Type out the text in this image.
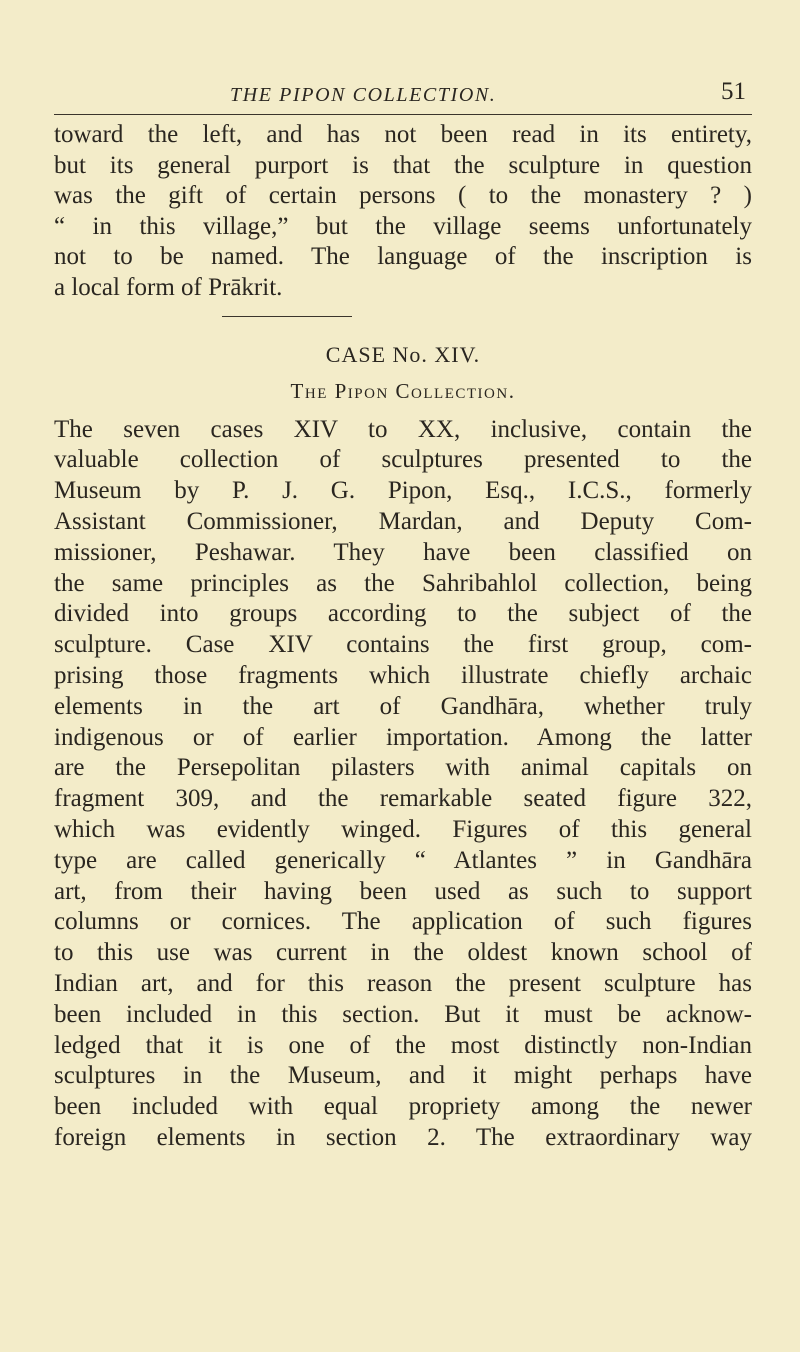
THE PIPON COLLECTION.	51
toward the left, and has not been read in its entirety,
but its general purport is that the sculpture in question
was the gift of certain persons ( to the monastery ? )
“ in this village,” but the village seems unfortunately
not to be named. The language of the inscription is
a local form of Prākrit.
CASE No. XIV.
The Pipon Collection.
The seven cases XIV to XX, inclusive, contain the
valuable collection of sculptures presented to the
Museum by P. J. G. Pipon, Esq., I.C.S., formerly
Assistant Commissioner, Mardan, and Deputy Com-
missioner, Peshawar. They have been classified on
the same principles as the Sahribahlol collection, being
divided into groups according to the subject of the
sculpture. Case XIV contains the first group, com-
prising those fragments which illustrate chiefly archaic
elements in the art of Gandhāra, whether truly
indigenous or of earlier importation. Among the latter
are the Persepolitan pilasters with animal capitals on
fragment 309, and the remarkable seated figure 322,
which was evidently winged. Figures of this general
type are called generically “ Atlantes ” in Gandhāra
art, from their having been used as such to support
columns or cornices. The application of such figures
to this use was current in the oldest known school of
Indian art, and for this reason the present sculpture has
been included in this section. But it must be acknow-
ledged that it is one of the most distinctly non-Indian
sculptures in the Museum, and it might perhaps have
been included with equal propriety among the newer
foreign elements in section 2. The extraordinary way
